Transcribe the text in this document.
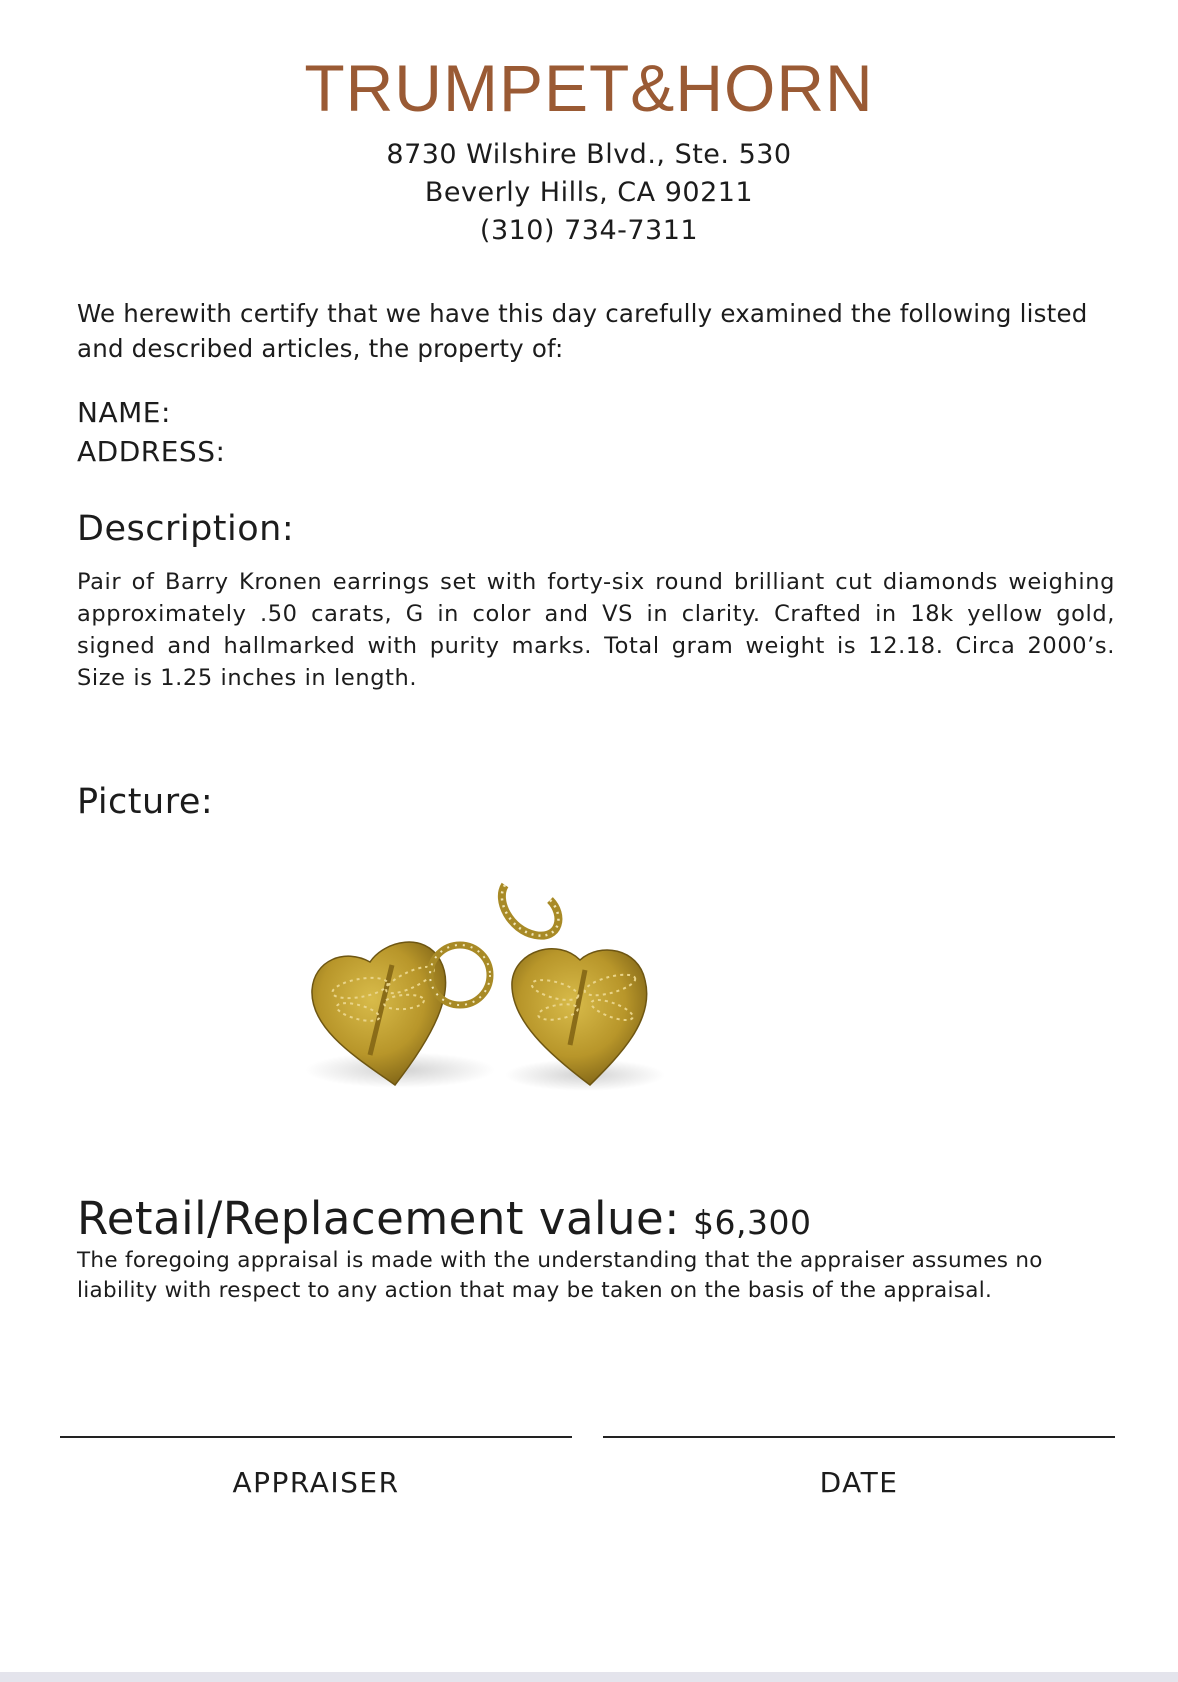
TRUMPET&HORN
8730 Wilshire Blvd., Ste. 530
Beverly Hills, CA 90211
(310) 734-7311
We herewith certify that we have this day carefully examined the following listed and described articles, the property of:
NAME:
ADDRESS:
Description:
Pair of Barry Kronen earrings set with forty-six round brilliant cut diamonds weighing approximately .50 carats, G in color and VS in clarity. Crafted in 18k yellow gold, signed and hallmarked with purity marks. Total gram weight is 12.18. Circa 2000’s. Size is 1.25 inches in length.
Picture:
Retail/Replacement value: $6,300
The foregoing appraisal is made with the understanding that the appraiser assumes no liability with respect to any action that may be taken on the basis of the appraisal.
APPRAISER	DATE
